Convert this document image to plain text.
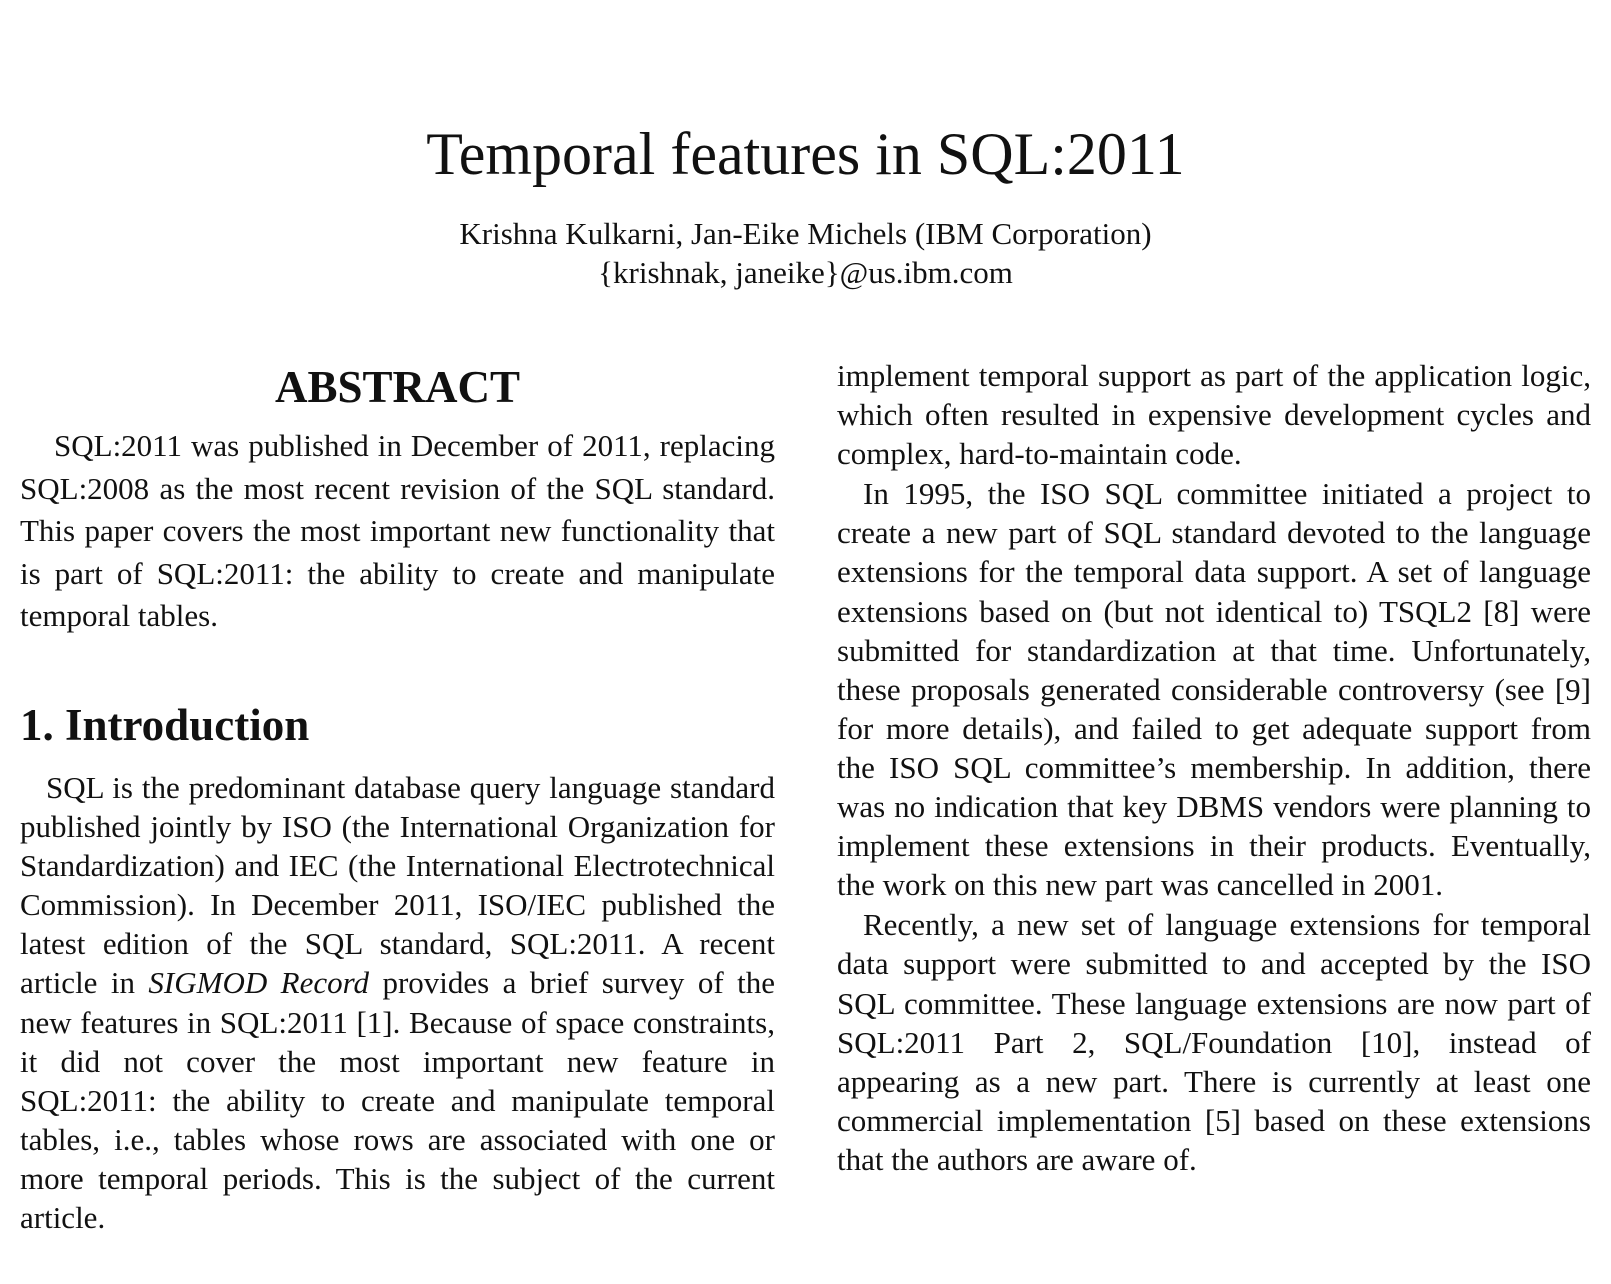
Temporal features in SQL:2011
Krishna Kulkarni, Jan-Eike Michels (IBM Corporation)
{krishnak, janeike}@us.ibm.com
ABSTRACT

SQL:2011 was published in December of 2011, replacing SQL:2008 as the most recent revision of the SQL standard. This paper covers the most important new functionality that is part of SQL:2011: the ability to create and manipulate temporal tables.

1. Introduction

SQL is the predominant database query language standard published jointly by ISO (the International Organization for Standardization) and IEC (the International Electrotechnical Commission). In December 2011, ISO/IEC published the latest edition of the SQL standard, SQL:2011. A recent article in SIGMOD Record provides a brief survey of the new features in SQL:2011 [1]. Because of space constraints, it did not cover the most important new feature in SQL:2011: the ability to create and manipulate temporal tables, i.e., tables whose rows are associated with one or more temporal periods. This is the subject of the current article.

implement temporal support as part of the application logic, which often resulted in expensive development cycles and complex, hard-to-maintain code.

In 1995, the ISO SQL committee initiated a project to create a new part of SQL standard devoted to the language extensions for the temporal data support. A set of language extensions based on (but not identical to) TSQL2 [8] were submitted for standardization at that time. Unfortunately, these proposals generated considerable controversy (see [9] for more details), and failed to get adequate support from the ISO SQL committee’s membership. In addition, there was no indication that key DBMS vendors were planning to implement these extensions in their products. Eventually, the work on this new part was cancelled in 2001.

Recently, a new set of language extensions for temporal data support were submitted to and accepted by the ISO SQL committee. These language extensions are now part of SQL:2011 Part 2, SQL/Foundation [10], instead of appearing as a new part. There is currently at least one commercial implementation [5] based on these extensions that the authors are aware of.
